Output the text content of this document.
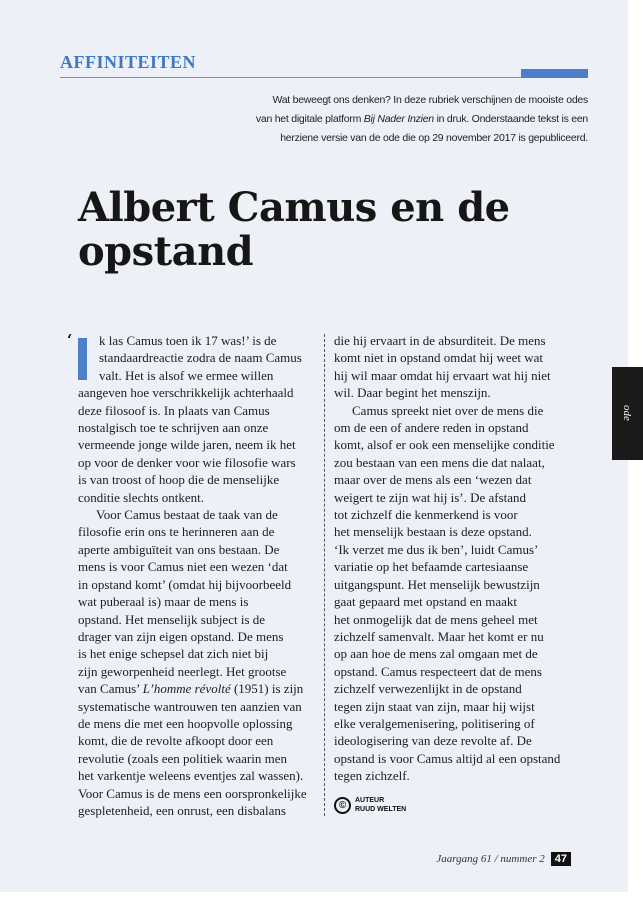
AFFINITEITEN
Wat beweegt ons denken? In deze rubriek verschijnen de mooiste odes
van het digitale platform Bij Nader Inzien in druk. Onderstaande tekst is een
herziene versie van de ode die op 29 november 2017 is gepubliceerd.
Albert Camus en de opstand
‘	k las Camus toen ik 17 was!’ is de
standaardreactie zodra de naam Camus
valt. Het is alsof we ermee willen
aangeven hoe verschrikkelijk achterhaald
deze filosoof is. In plaats van Camus
nostalgisch toe te schrijven aan onze
vermeende jonge wilde jaren, neem ik het
op voor de denker voor wie filosofie wars
is van troost of hoop die de menselijke
conditie slechts ontkent.
Voor Camus bestaat de taak van de
filosofie erin ons te herinneren aan de
aperte ambiguïteit van ons bestaan. De
mens is voor Camus niet een wezen ‘dat
in opstand komt’ (omdat hij bijvoorbeeld
wat puberaal is) maar de mens is
opstand. Het menselijk subject is de
drager van zijn eigen opstand. De mens
is het enige schepsel dat zich niet bij
zijn geworpenheid neerlegt. Het grootse
van Camus’ L’homme révolté (1951) is zijn
systematische wantrouwen ten aanzien van
de mens die met een hoopvolle oplossing
komt, die de revolte afkoopt door een
revolutie (zoals een politiek waarin men
het varkentje weleens eventjes zal wassen).
Voor Camus is de mens een oorspronkelijke
gespletenheid, een onrust, een disbalans
die hij ervaart in de absurditeit. De mens
komt niet in opstand omdat hij weet wat
hij wil maar omdat hij ervaart wat hij niet
wil. Daar begint het menszijn.
Camus spreekt niet over de mens die
om de een of andere reden in opstand
komt, alsof er ook een menselijke conditie
zou bestaan van een mens die dat nalaat,
maar over de mens als een ‘wezen dat
weigert te zijn wat hij is’. De afstand
tot zichzelf die kenmerkend is voor
het menselijk bestaan is deze opstand.
‘Ik verzet me dus ik ben’, luidt Camus’
variatie op het befaamde cartesiaanse
uitgangspunt. Het menselijk bewustzijn
gaat gepaard met opstand en maakt
het onmogelijk dat de mens geheel met
zichzelf samenvalt. Maar het komt er nu
op aan hoe de mens zal omgaan met de
opstand. Camus respecteert dat de mens
zichzelf verwezenlijkt in de opstand
tegen zijn staat van zijn, maar hij wijst
elke veralgemenisering, politisering of
ideologisering van deze revolte af. De
opstand is voor Camus altijd al een opstand
tegen zichzelf.
©	AUTEUR
RUUD WELTEN
Jaargang 61 / nummer 2 47
ode
